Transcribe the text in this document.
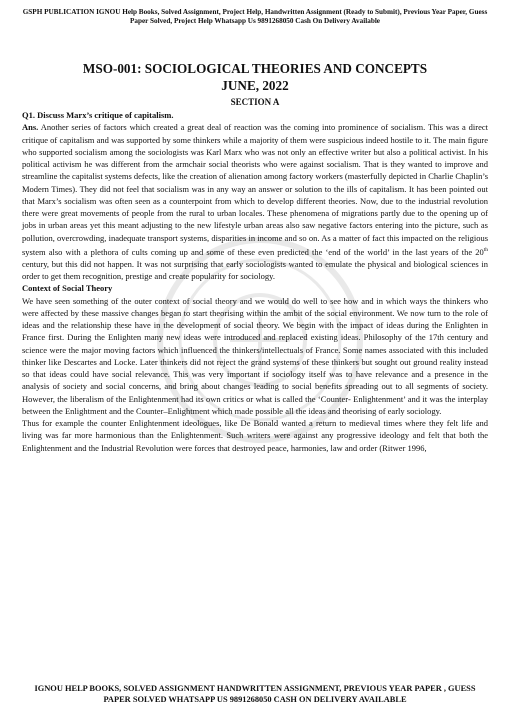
GSPH PUBLICATION IGNOU Help Books, Solved Assignment, Project Help, Handwritten Assignment (Ready to Submit), Previous Year Paper, Guess Paper Solved, Project Help Whatsapp Us 9891268050 Cash On Delivery Available
MSO-001: SOCIOLOGICAL THEORIES AND CONCEPTS
JUNE, 2022
SECTION A

Q1. Discuss Marx’s critique of capitalism.

Ans. Another series of factors which created a great deal of reaction was the coming into prominence of socialism. This was a direct critique of capitalism and was supported by some thinkers while a majority of them were suspicious indeed hostile to it. The main figure who supported socialism among the sociologists was Karl Marx who was not only an effective writer but also a political activist. In his political activism he was different from the armchair social theorists who were against socialism. That is they wanted to improve and streamline the capitalist systems defects, like the creation of alienation among factory workers (masterfully depicted in Charlie Chaplin’s Modern Times). They did not feel that socialism was in any way an answer or solution to the ills of capitalism. It has been pointed out that Marx’s socialism was often seen as a counterpoint from which to develop different theories. Now, due to the industrial revolution there were great movements of people from the rural to urban locales. These phenomena of migrations partly due to the opening up of jobs in urban areas yet this meant adjusting to the new lifestyle urban areas also saw negative factors entering into the picture, such as pollution, overcrowding, inadequate transport systems, disparities in income and so on. As a matter of fact this impacted on the religious system also with a plethora of cults coming up and some of these even predicted the ‘end of the world’ in the last years of the 20th century, but this did not happen. It was not surprising that early sociologists wanted to emulate the physical and biological sciences in order to get them recognition, prestige and create popularity for sociology.

Context of Social Theory

We have seen something of the outer context of social theory and we would do well to see how and in which ways the thinkers who were affected by these massive changes began to start theorising within the ambit of the social environment. We now turn to the role of ideas and the relationship these have in the development of social theory. We begin with the impact of ideas during the Enlighten in France first. During the Enlighten many new ideas were introduced and replaced existing ideas. Philosophy of the 17th century and science were the major moving factors which influenced the thinkers/intellectuals of France. Some names associated with this included thinker like Descartes and Locke. Later thinkers did not reject the grand systems of these thinkers but sought out ground reality instead so that ideas could have social relevance. This was very important if sociology itself was to have relevance and a presence in the analysis of society and social concerns, and bring about changes leading to social benefits spreading out to all segments of society. However, the liberalism of the Enlightenment had its own critics or what is called the ‘Counter- Enlightenment’ and it was the interplay between the Enlightment and the Counter–Enlightment which made possible all the ideas and theorising of early sociology.

Thus for example the counter Enlightenment ideologues, like De Bonald wanted a return to medieval times where they felt life and living was far more harmonious than the Enlightenment. Such writers were against any progressive ideology and felt that both the Enlightenment and the Industrial Revolution were forces that destroyed peace, harmonies, law and order (Ritwer 1996,

IGNOU HELP BOOKS, SOLVED ASSIGNMENT HANDWRITTEN ASSIGNMENT, PREVIOUS YEAR PAPER , GUESS PAPER SOLVED WHATSAPP US 9891268050 CASH ON DELIVERY AVAILABLE
